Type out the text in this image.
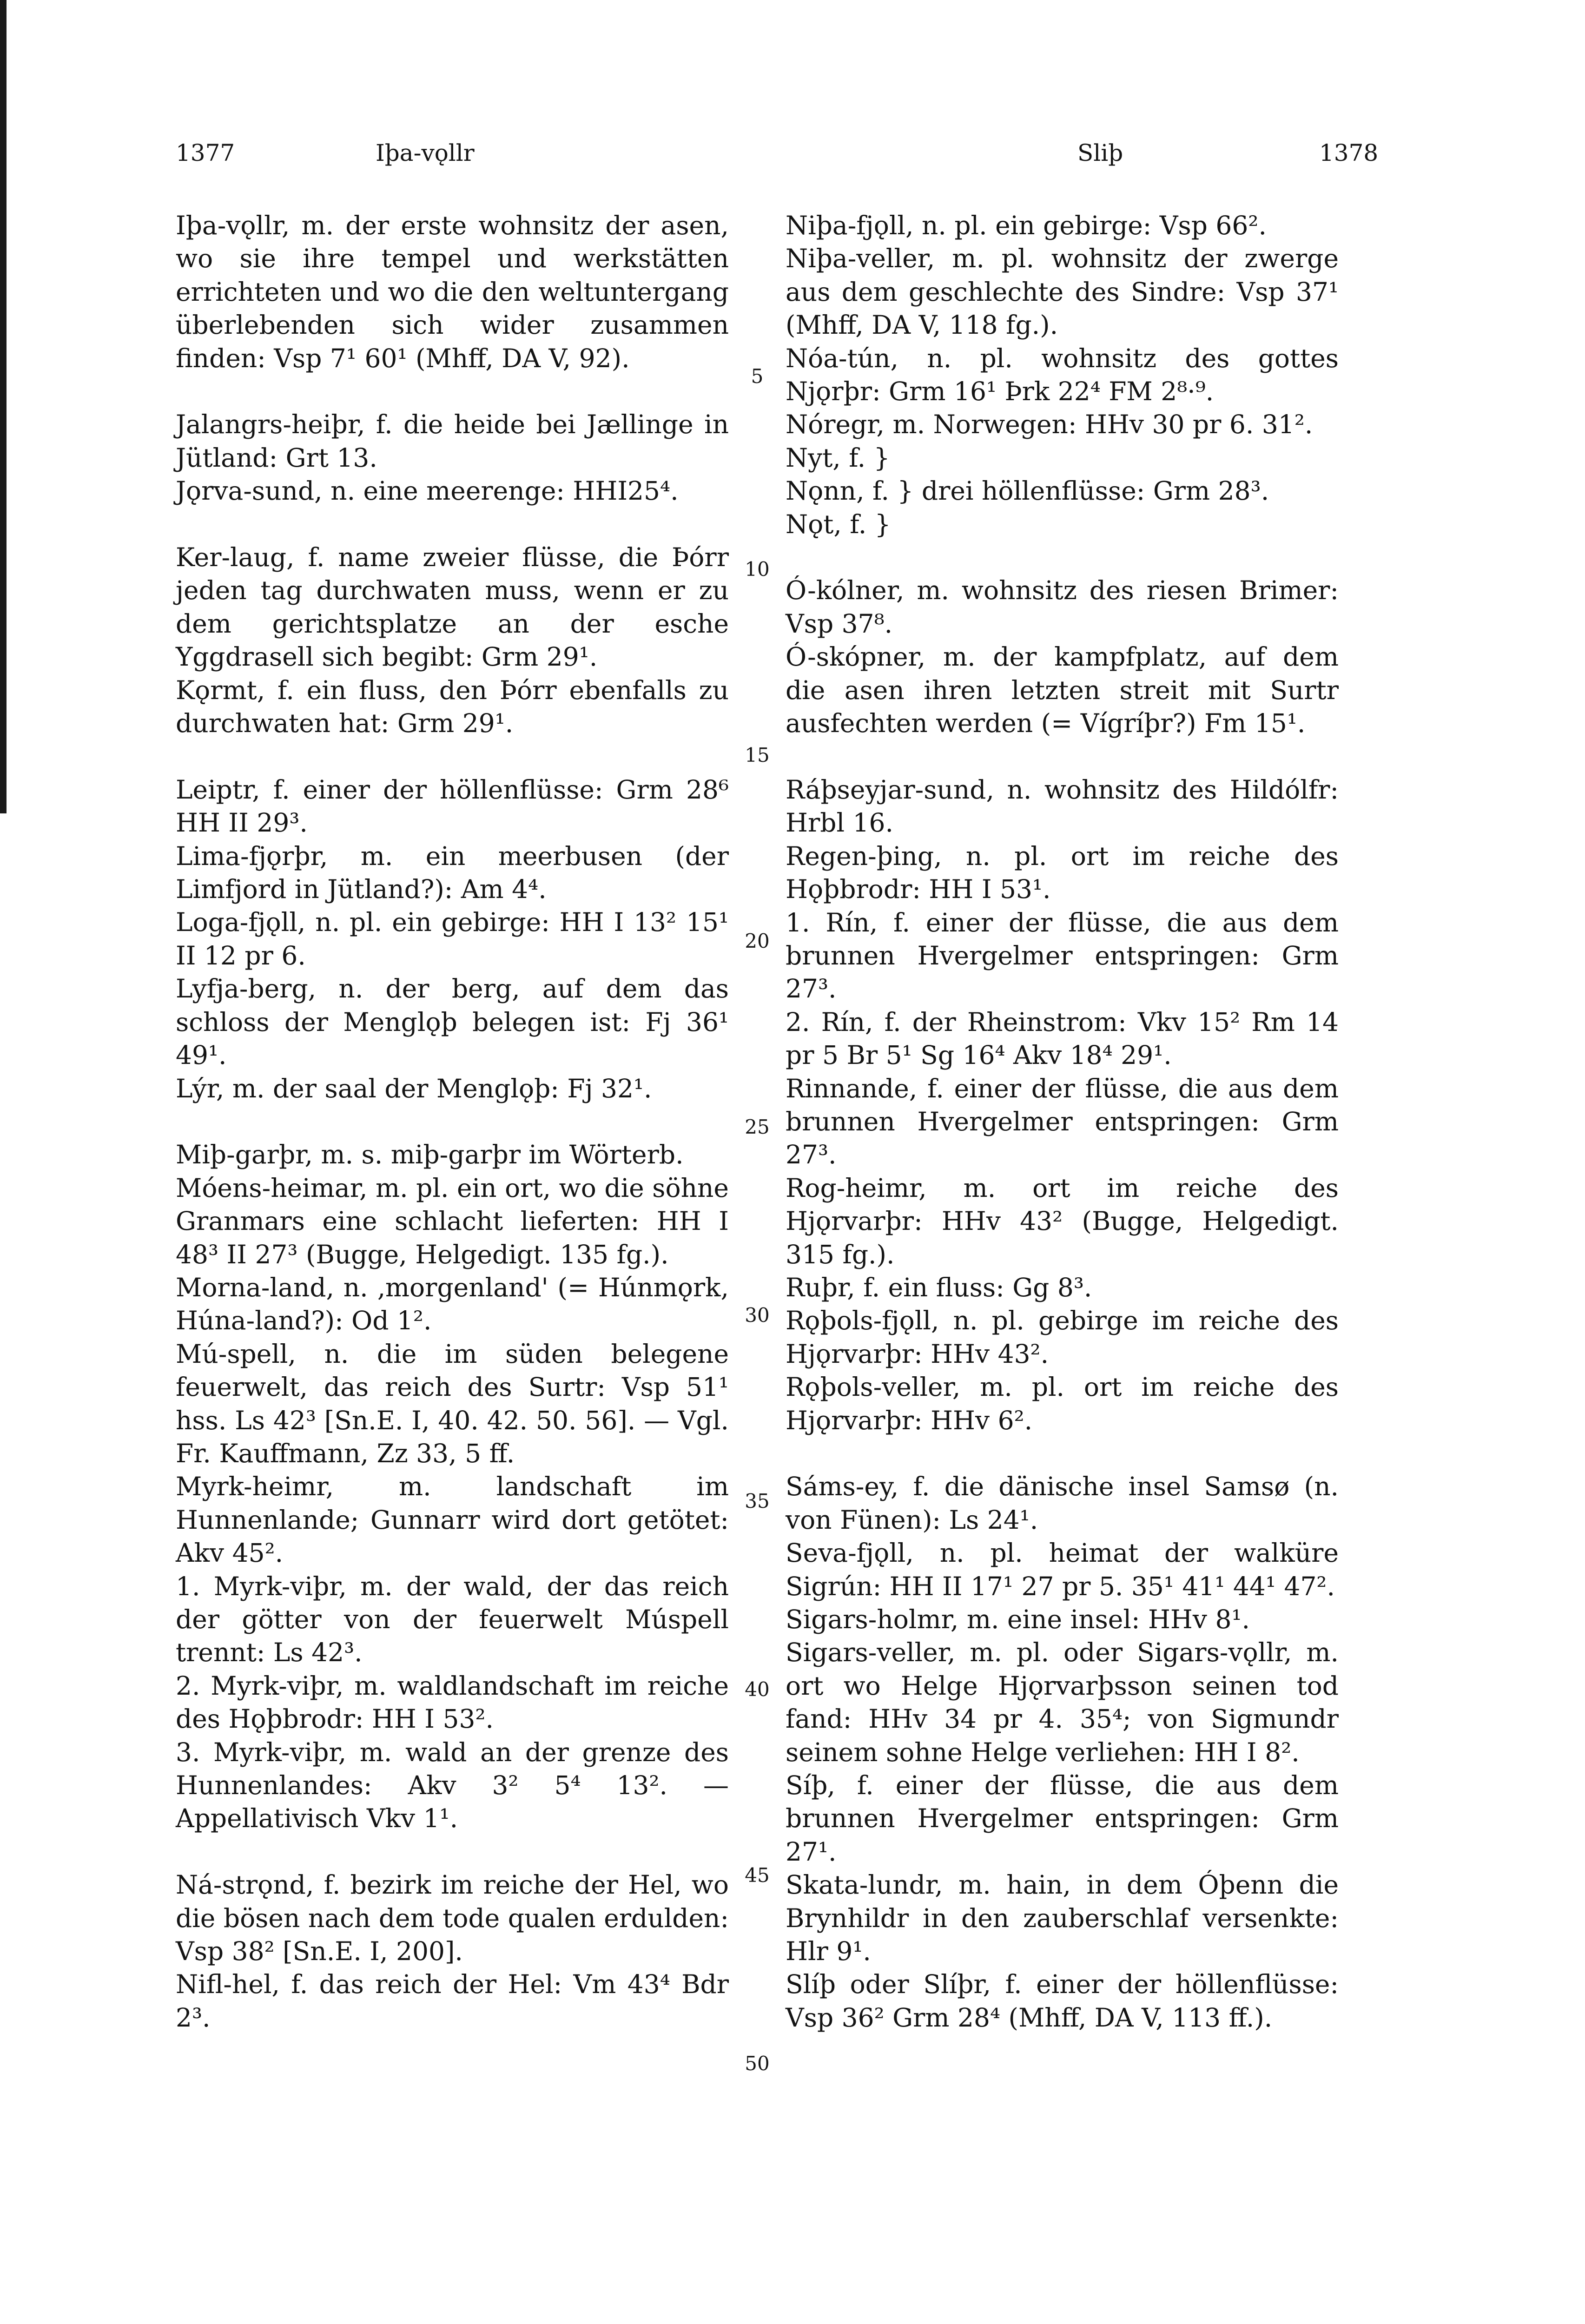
1377	Iþa-vǫllr	Sliþ	1378

Iþa-vǫllr, m. der erste wohnsitz der asen, wo sie ihre tempel und werkstätten errichteten und wo die den weltuntergang überlebenden sich wider zusammen finden: Vsp 7¹ 60¹ (Mhff, DA V, 92).

Jalangrs-heiþr, f. die heide bei Jællinge in Jütland: Grt 13.

Jǫrva-sund, n. eine meerenge: HHI25⁴.

Ker-laug, f. name zweier flüsse, die Þórr jeden tag durchwaten muss, wenn er zu dem gerichtsplatze an der esche Yggdrasell sich begibt: Grm 29¹.

Kǫrmt, f. ein fluss, den Þórr ebenfalls zu durchwaten hat: Grm 29¹.

Leiptr, f. einer der höllenflüsse: Grm 28⁶ HH II 29³.

Lima-fjǫrþr, m. ein meerbusen (der Limfjord in Jütland?): Am 4⁴.

Loga-fjǫll, n. pl. ein gebirge: HH I 13² 15¹ II 12 pr 6.

Lyfja-berg, n. der berg, auf dem das schloss der Menglǫþ belegen ist: Fj 36¹ 49¹.

Lýr, m. der saal der Menglǫþ: Fj 32¹.

Miþ-garþr, m. s. miþ-garþr im Wörterb.

Móens-heimar, m. pl. ein ort, wo die söhne Granmars eine schlacht lieferten: HH I 48³ II 27³ (Bugge, Helgedigt. 135 fg.).

Morna-land, n. ‚morgenland' (= Húnmǫrk, Húna-land?): Od 1².

Mú-spell, n. die im süden belegene feuerwelt, das reich des Surtr: Vsp 51¹ hss. Ls 42³ [Sn.E. I, 40. 42. 50. 56]. — Vgl. Fr. Kauffmann, Zz 33, 5 ff.

Myrk-heimr, m. landschaft im Hunnenlande; Gunnarr wird dort getötet: Akv 45².

1. Myrk-viþr, m. der wald, der das reich der götter von der feuerwelt Múspell trennt: Ls 42³.

2. Myrk-viþr, m. waldlandschaft im reiche des Hǫþbrodr: HH I 53².

3. Myrk-viþr, m. wald an der grenze des Hunnenlandes: Akv 3² 5⁴ 13². — Appellativisch Vkv 1¹.

Ná-strǫnd, f. bezirk im reiche der Hel, wo die bösen nach dem tode qualen erdulden: Vsp 38² [Sn.E. I, 200].

Nifl-hel, f. das reich der Hel: Vm 43⁴ Bdr 2³.

5
10
15
20
25
30
35
40
45
50

Niþa-fjǫll, n. pl. ein gebirge: Vsp 66².

Niþa-veller, m. pl. wohnsitz der zwerge aus dem geschlechte des Sindre: Vsp 37¹ (Mhff, DA V, 118 fg.).

Nóa-tún, n. pl. wohnsitz des gottes Njǫrþr: Grm 16¹ Þrk 22⁴ FM 2⁸·⁹.

Nóregr, m. Norwegen: HHv 30 pr 6. 31².

Nyt, f. }

Nǫnn, f. } drei höllenflüsse: Grm 28³.

Nǫt, f. }

Ó-kólner, m. wohnsitz des riesen Brimer: Vsp 37⁸.

Ó-skópner, m. der kampfplatz, auf dem die asen ihren letzten streit mit Surtr ausfechten werden (= Vígríþr?) Fm 15¹.

Ráþseyjar-sund, n. wohnsitz des Hildólfr: Hrbl 16.

Regen-þing, n. pl. ort im reiche des Hǫþbrodr: HH I 53¹.

1. Rín, f. einer der flüsse, die aus dem brunnen Hvergelmer entspringen: Grm 27³.

2. Rín, f. der Rheinstrom: Vkv 15² Rm 14 pr 5 Br 5¹ Sg 16⁴ Akv 18⁴ 29¹.

Rinnande, f. einer der flüsse, die aus dem brunnen Hvergelmer entspringen: Grm 27³.

Rog-heimr, m. ort im reiche des Hjǫrvarþr: HHv 43² (Bugge, Helgedigt. 315 fg.).

Ruþr, f. ein fluss: Gg 8³.

Rǫþols-fjǫll, n. pl. gebirge im reiche des Hjǫrvarþr: HHv 43².

Rǫþols-veller, m. pl. ort im reiche des Hjǫrvarþr: HHv 6².

Sáms-ey, f. die dänische insel Samsø (n. von Fünen): Ls 24¹.

Seva-fjǫll, n. pl. heimat der walküre Sigrún: HH II 17¹ 27 pr 5. 35¹ 41¹ 44¹ 47².

Sigars-holmr, m. eine insel: HHv 8¹.

Sigars-veller, m. pl. oder Sigars-vǫllr, m. ort wo Helge Hjǫrvarþsson seinen tod fand: HHv 34 pr 4. 35⁴; von Sigmundr seinem sohne Helge verliehen: HH I 8².

Síþ, f. einer der flüsse, die aus dem brunnen Hvergelmer entspringen: Grm 27¹.

Skata-lundr, m. hain, in dem Óþenn die Brynhildr in den zauberschlaf versenkte: Hlr 9¹.

Slíþ oder Slíþr, f. einer der höllenflüsse: Vsp 36² Grm 28⁴ (Mhff, DA V, 113 ff.).
